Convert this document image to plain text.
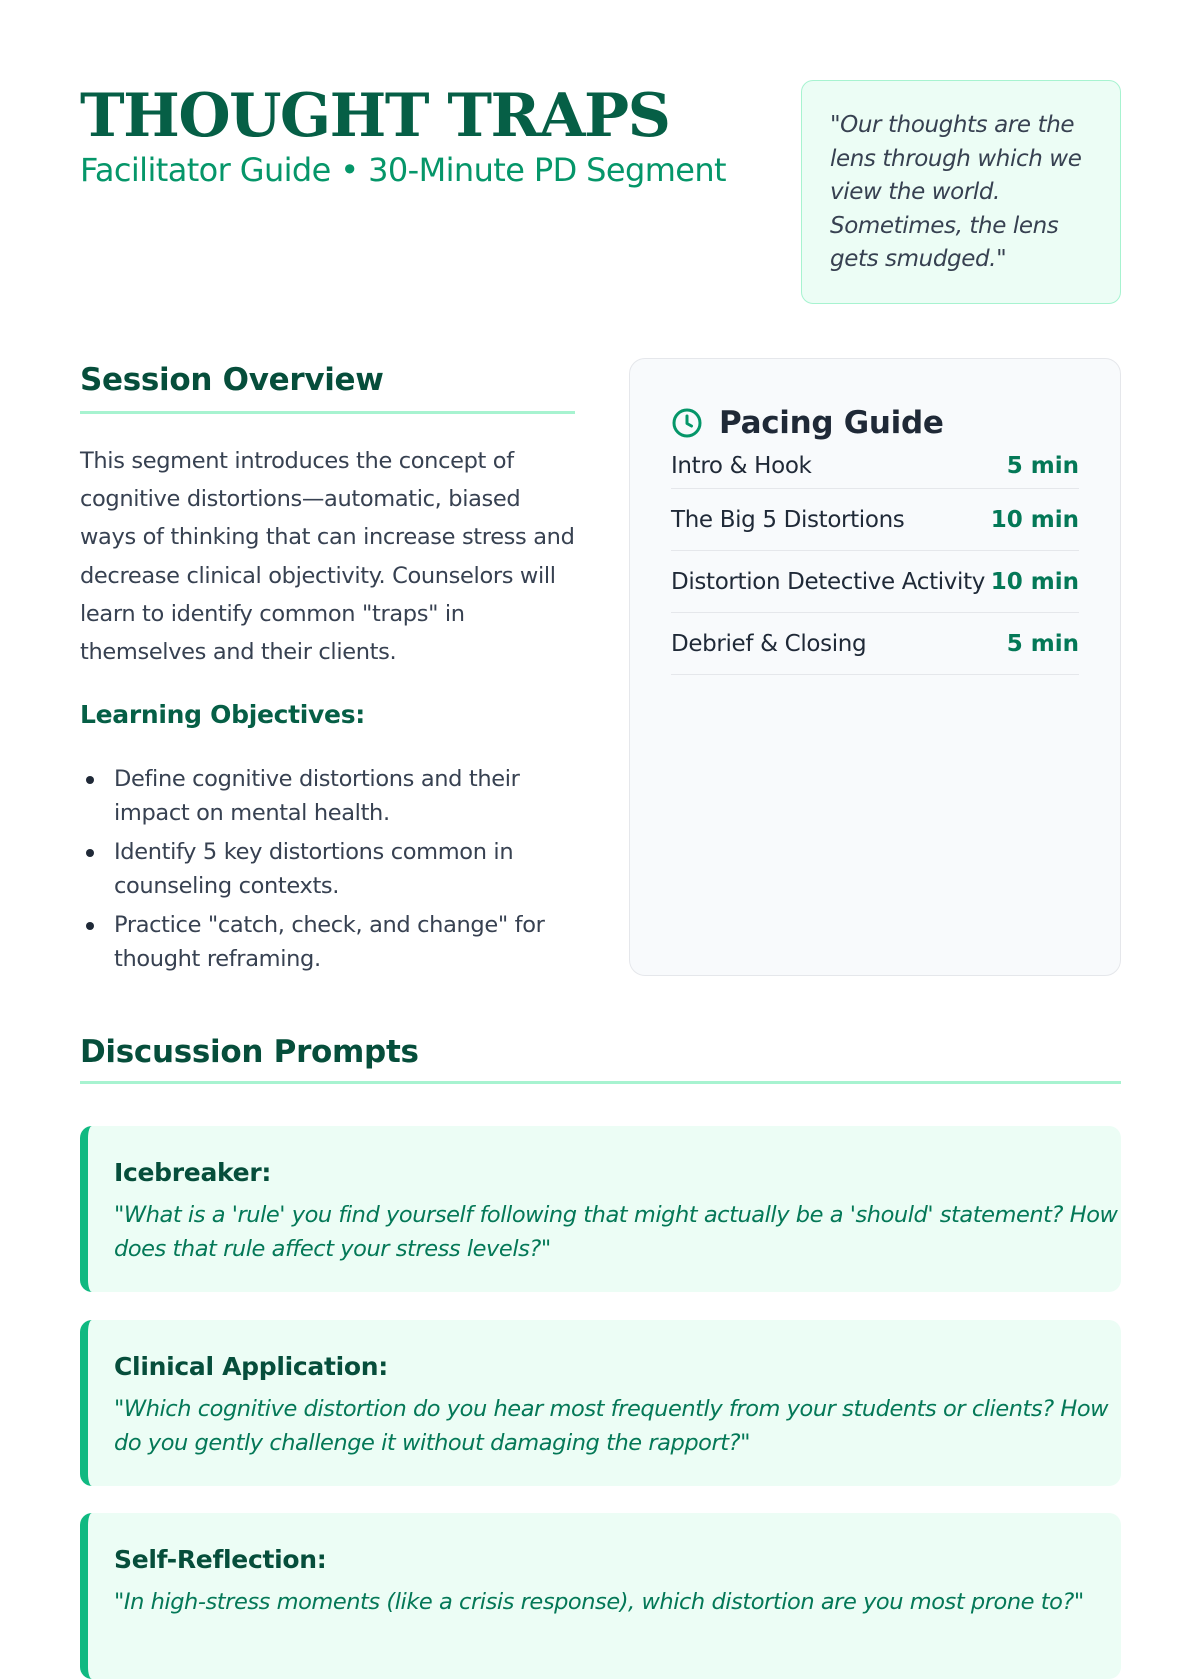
THOUGHT TRAPS
Facilitator Guide • 30-Minute PD Segment

"Our thoughts are the lens through which we view the world. Sometimes, the lens gets smudged."

Session Overview

This segment introduces the concept of cognitive distortions—automatic, biased ways of thinking that can increase stress and decrease clinical objectivity. Counselors will learn to identify common "traps" in themselves and their clients.

Learning Objectives:
Define cognitive distortions and their impact on mental health.
Identify 5 key distortions common in counseling contexts.
Practice "catch, check, and change" for thought reframing.
Pacing Guide
Intro & Hook	5 min
The Big 5 Distortions	10 min
Distortion Detective Activity 10 min
Debrief & Closing	5 min
Discussion Prompts
Icebreaker:
"What is a 'rule' you find yourself following that might actually be a 'should' statement? How does that rule affect your stress levels?"
Clinical Application:
"Which cognitive distortion do you hear most frequently from your students or clients? How do you gently challenge it without damaging the rapport?"
Self-Reflection:
"In high-stress moments (like a crisis response), which distortion are you most prone to?"
